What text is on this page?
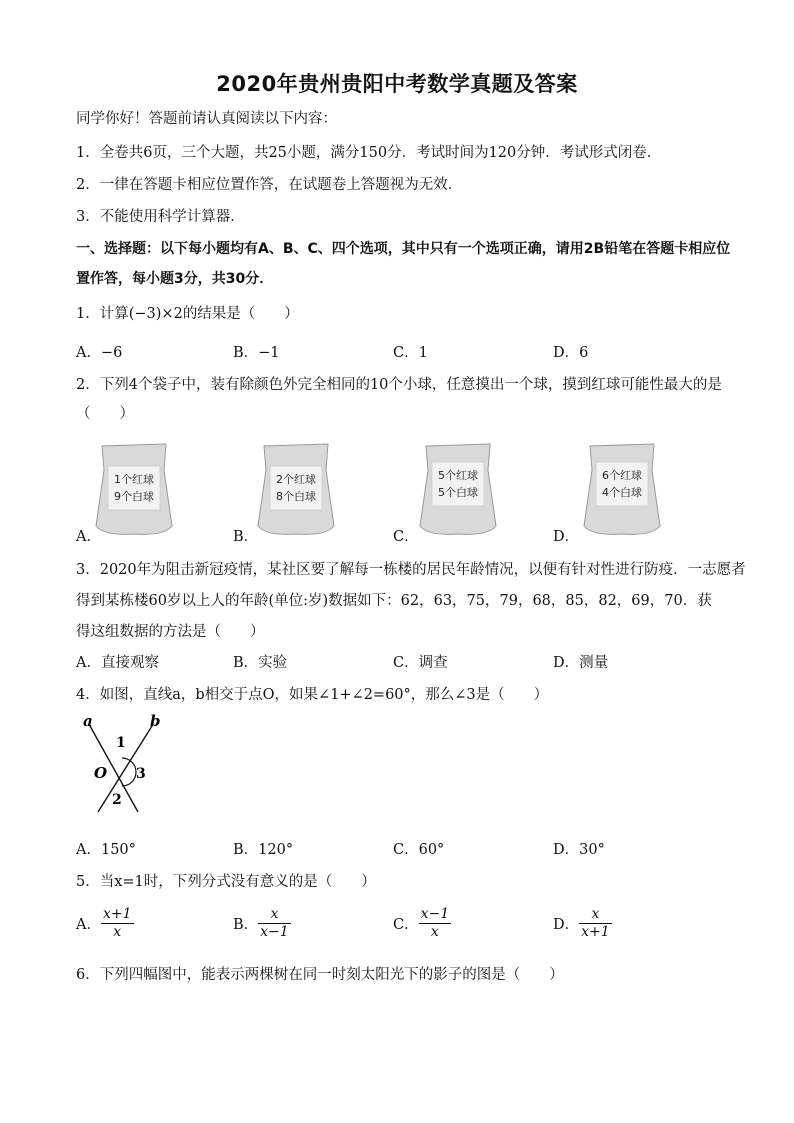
2020年贵州贵阳中考数学真题及答案
同学你好！答题前请认真阅读以下内容：
1．全卷共6页，三个大题，共25小题，满分150分．考试时间为120分钟．考试形式闭卷．
2．一律在答题卡相应位置作答，在试题卷上答题视为无效．
3．不能使用科学计算器．
一、选择题：以下每小题均有A、B、C、四个选项，其中只有一个选项正确，请用2B铅笔在答题卡相应位
置作答，每小题3分，共30分．
1．计算(−3)×2的结果是（　　）
A．−6	B．−1	C．1	D．6
2．下列4个袋子中，装有除颜色外完全相同的10个小球，任意摸出一个球，摸到红球可能性最大的是
（　　）
A．	B．	C．	D．
1个红球
9个白球
2个红球
8个白球
5个红球
5个白球
6个红球
4个白球
3．2020年为阻击新冠疫情，某社区要了解每一栋楼的居民年龄情况，以便有针对性进行防疫．一志愿者
得到某栋楼60岁以上人的年龄(单位:岁)数据如下：62，63，75，79，68，85，82，69，70．获
得这组数据的方法是（　　）
A．直接观察	B．实验	C．调查	D．测量
4．如图，直线a，b相交于点O，如果∠1+∠2=60°，那么∠3是（　　）
a	b
1
O 3
2
A．150°	B．120°	C．60°	D．30°
5．当x=1时，下列分式没有意义的是（　　）
A． $\frac{x+1}{x}$	B． $\frac{x}{x-1}$	C． $\frac{x-1}{x}$	D． $\frac{x}{x+1}$
6．下列四幅图中，能表示两棵树在同一时刻太阳光下的影子的图是（　　）
